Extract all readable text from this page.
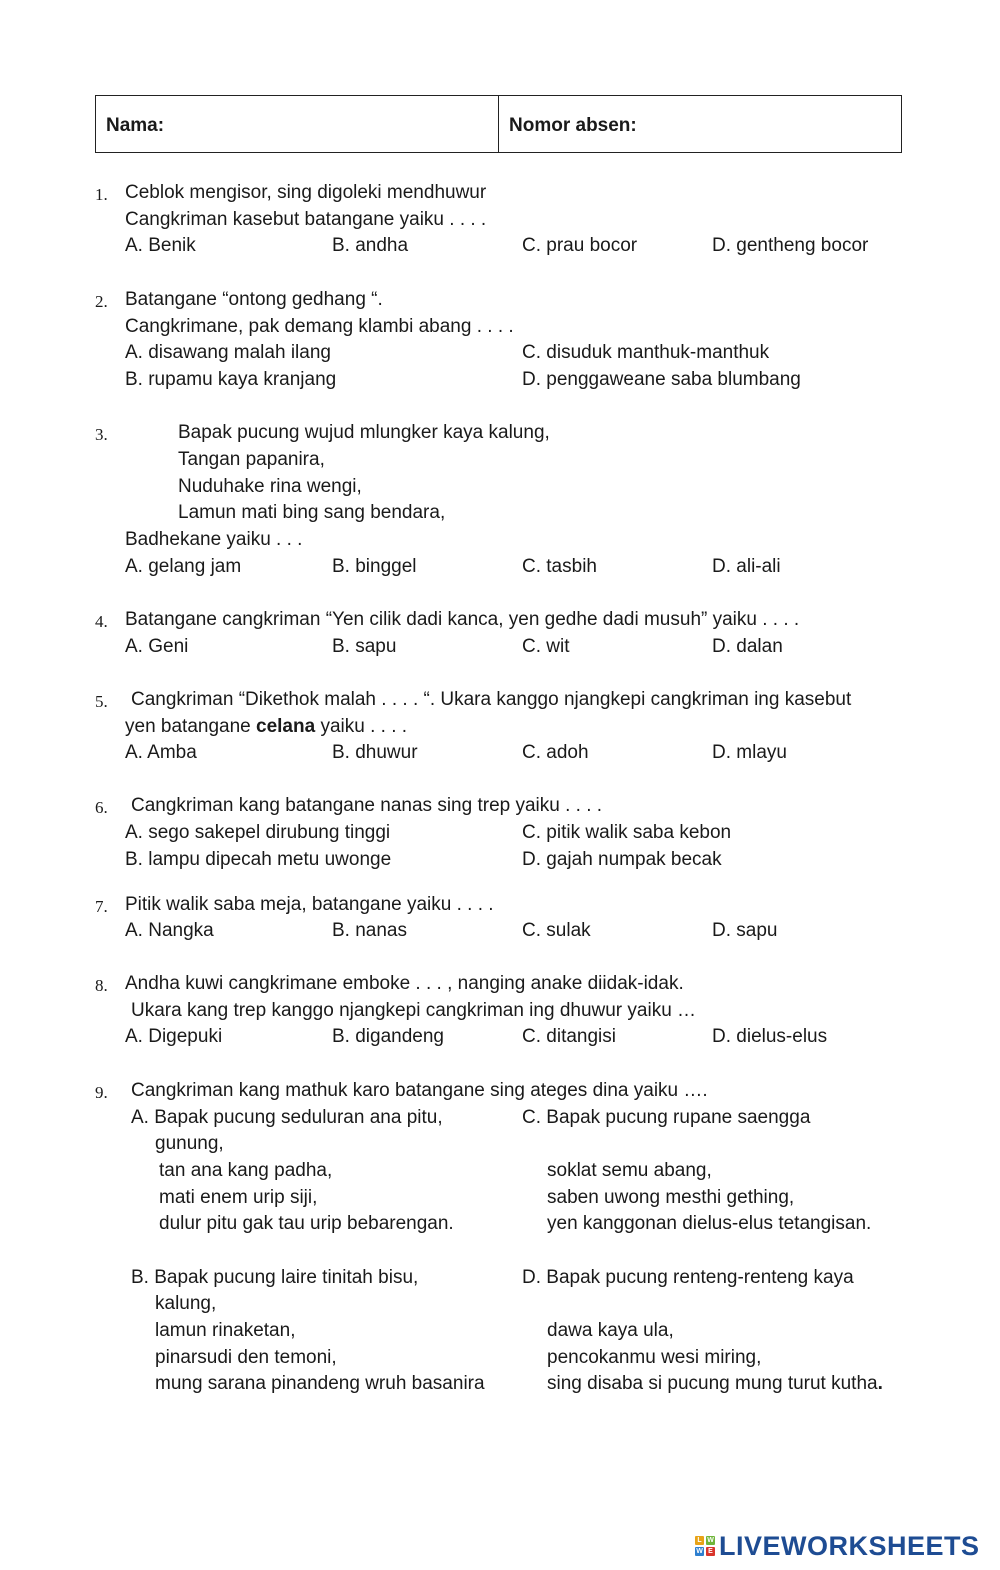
Nama:	Nomor absen:
1. Ceblok mengisor, sing digoleki mendhuwur
Cangkriman kasebut batangane yaiku . . . .
A. Benik	B. andha	C. prau bocor	D. gentheng bocor
2. Batangane “ontong gedhang “.
Cangkrimane, pak demang klambi abang . . . .
A. disawang malah ilang	C. disuduk manthuk-manthuk
B. rupamu kaya kranjang	D. penggaweane saba blumbang
3.	Bapak pucung wujud mlungker kaya kalung,
Tangan papanira,
Nuduhake rina wengi,
Lamun mati bing sang bendara,
Badhekane yaiku . . .
A. gelang jam	B. binggel	C. tasbih	D. ali-ali
4. Batangane cangkriman “Yen cilik dadi kanca, yen gedhe dadi musuh” yaiku . . . .
A. Geni	B. sapu	C. wit	D. dalan
5. Cangkriman “Dikethok malah . . . . “. Ukara kanggo njangkepi cangkriman ing kasebut
yen batangane celana yaiku . . . .
A. Amba	B. dhuwur	C. adoh	D. mlayu
6. Cangkriman kang batangane nanas sing trep yaiku . . . .
A. sego sakepel dirubung tinggi	C. pitik walik saba kebon
B. lampu dipecah metu uwonge	D. gajah numpak becak
7. Pitik walik saba meja, batangane yaiku . . . .
A. Nangka	B. nanas	C. sulak	D. sapu
8. Andha kuwi cangkrimane emboke . . . , nanging anake diidak-idak.
Ukara kang trep kanggo njangkepi cangkriman ing dhuwur yaiku …
A. Digepuki	B. digandeng	C. ditangisi	D. dielus-elus
9. Cangkriman kang mathuk karo batangane sing ateges dina yaiku ….
A. Bapak pucung seduluran ana pitu,
gunung,
tan ana kang padha,
mati enem urip siji,
dulur pitu gak tau urip bebarengan.
C. Bapak pucung rupane saengga
soklat semu abang,
saben uwong mesthi gething,
yen kanggonan dielus-elus tetangisan.
B. Bapak pucung laire tinitah bisu,
kalung,
lamun rinaketan,
pinarsudi den temoni,
mung sarana pinandeng wruh basanira
D. Bapak pucung renteng-renteng kaya
dawa kaya ula,
pencokanmu wesi miring,
sing disaba si pucung mung turut kutha.
L W
W E LIVEWORKSHEETS
